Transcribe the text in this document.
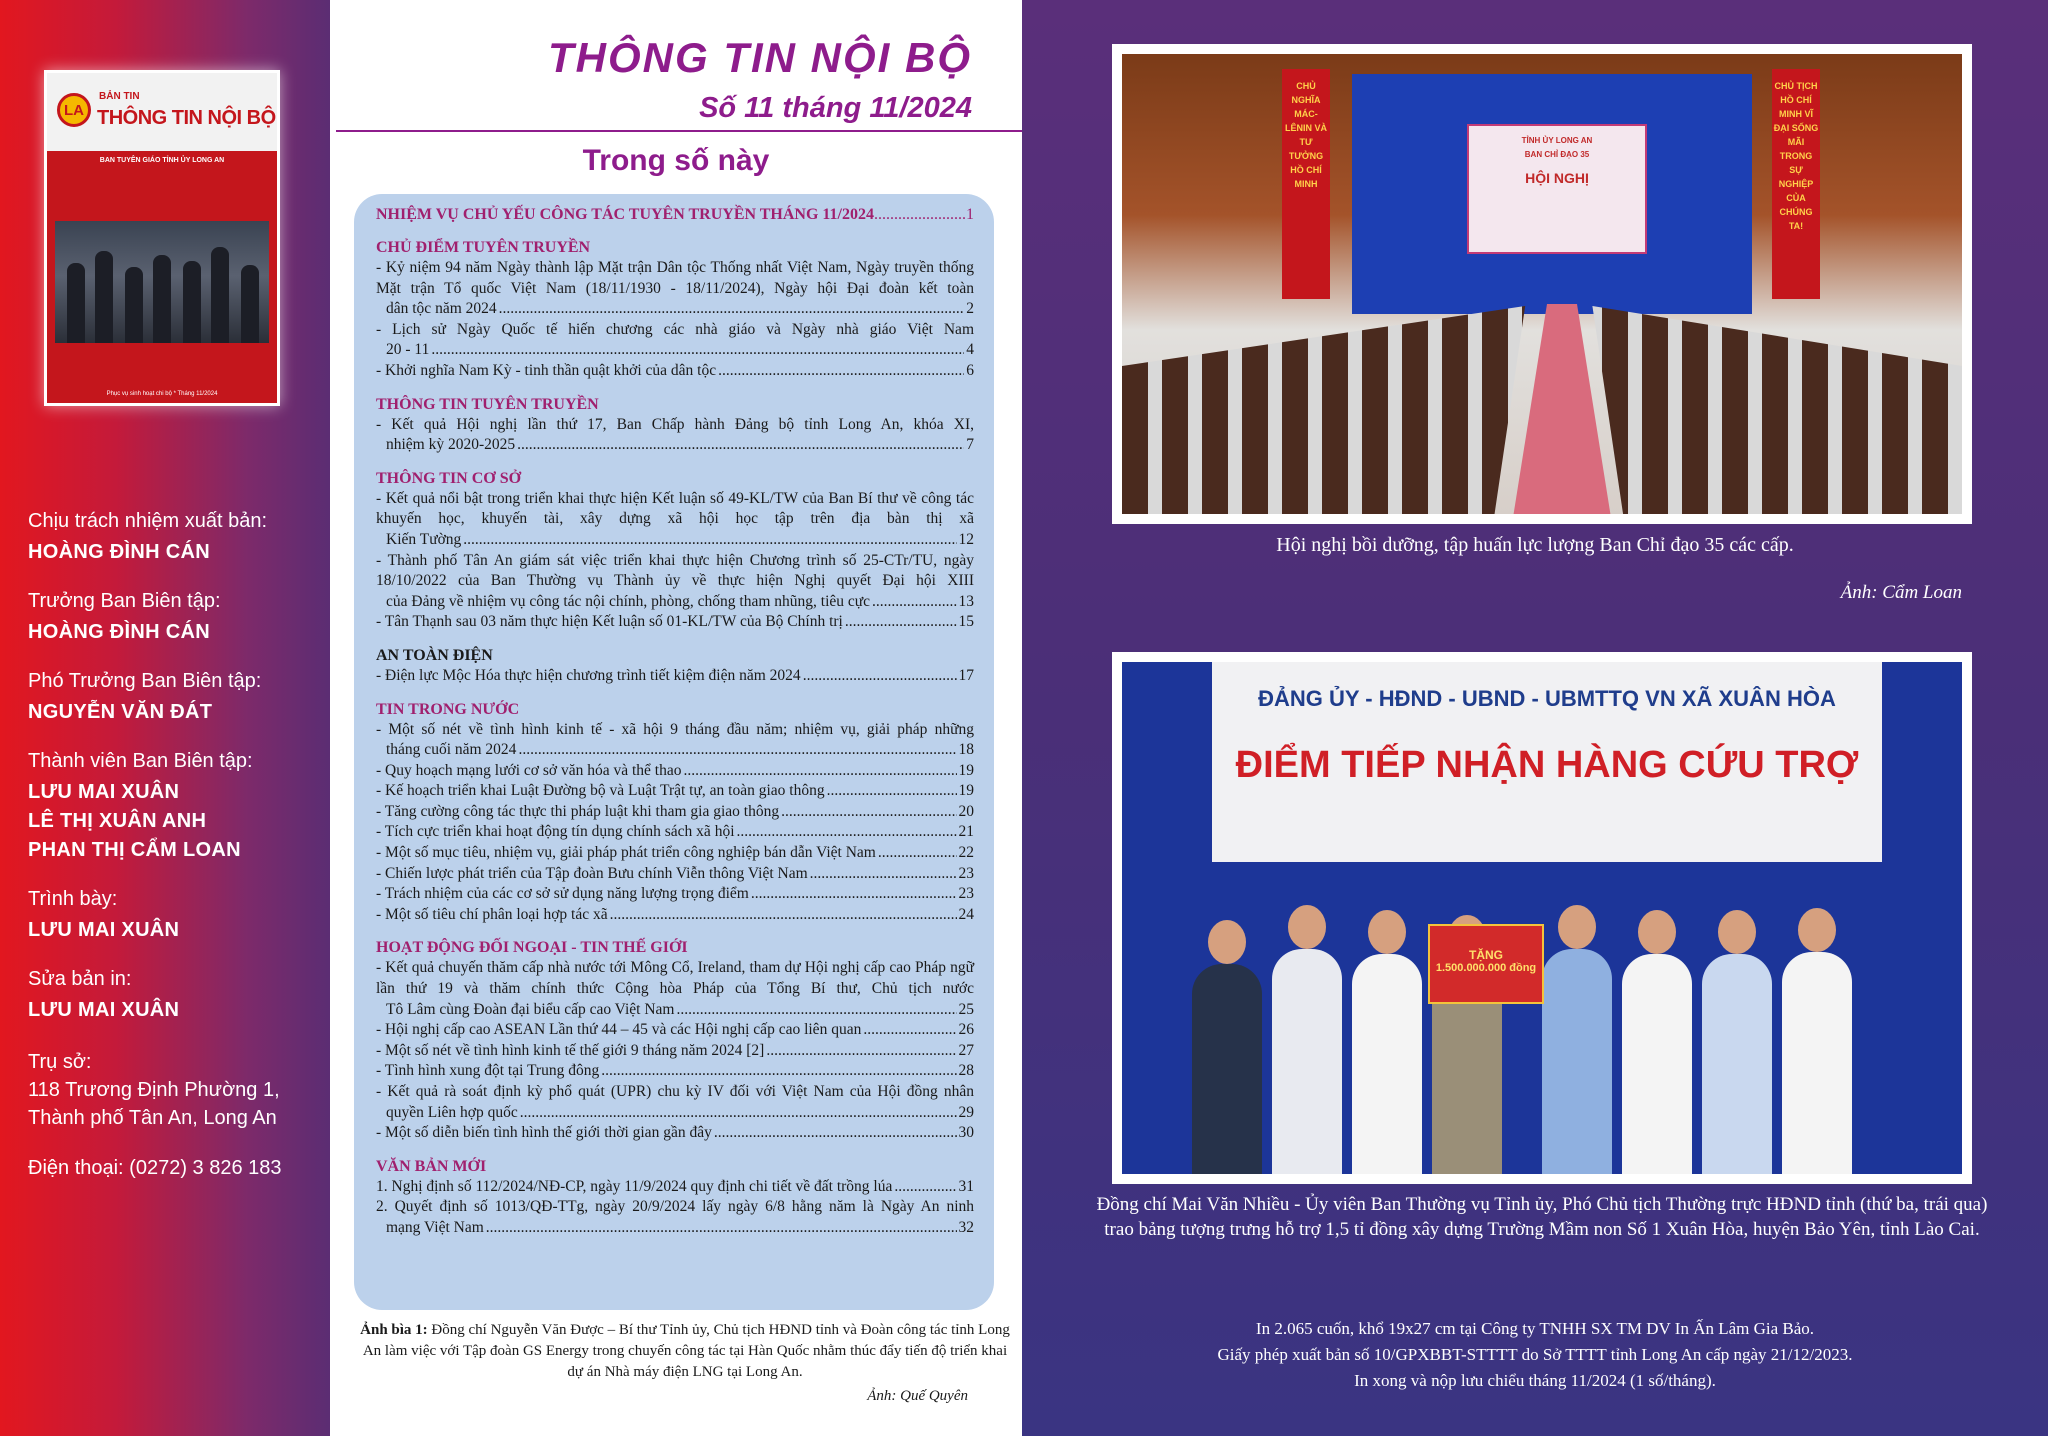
LA
BẢN TIN
THÔNG TIN NỘI BỘ
BAN TUYÊN GIÁO TỈNH ỦY LONG AN
Phục vụ sinh hoạt chi bộ * Tháng 11/2024
Chịu trách nhiệm xuất bản:
HOÀNG ĐÌNH CÁN
Trưởng Ban Biên tập:
HOÀNG ĐÌNH CÁN
Phó Trưởng Ban Biên tập:
NGUYỄN VĂN ĐÁT
Thành viên Ban Biên tập:
LƯU MAI XUÂN
LÊ THỊ XUÂN ANH
PHAN THỊ CẨM LOAN
Trình bày:
LƯU MAI XUÂN
Sửa bản in:
LƯU MAI XUÂN
Trụ sở:
118 Trương Định Phường 1,
Thành phố Tân An, Long An
Điện thoại: (0272) 3 826 183
THÔNG TIN NỘI BỘ
Số 11 tháng 11/2024
Trong số này
NHIỆM VỤ CHỦ YẾU CÔNG TÁC TUYÊN TRUYỀN THÁNG 11/2024 .....	1
CHỦ ĐIỂM TUYÊN TRUYỀN
- Kỷ niệm 94 năm Ngày thành lập Mặt trận Dân tộc Thống nhất Việt Nam, Ngày truyền thống Mặt trận Tổ quốc Việt Nam (18/11/1930 - 18/11/2024), Ngày hội Đại đoàn kết toàn
dân tộc năm 2024 .....	2
- Lịch sử Ngày Quốc tế hiến chương các nhà giáo và Ngày nhà giáo Việt Nam
20 - 11 .....	4
- Khởi nghĩa Nam Kỳ - tinh thần quật khởi của dân tộc .....	6
THÔNG TIN TUYÊN TRUYỀN
- Kết quả Hội nghị lần thứ 17, Ban Chấp hành Đảng bộ tỉnh Long An, khóa XI,
nhiệm kỳ 2020-2025 .....	7
THÔNG TIN CƠ SỞ
- Kết quả nổi bật trong triển khai thực hiện Kết luận số 49-KL/TW của Ban Bí thư về công tác khuyến học, khuyến tài, xây dựng xã hội học tập trên địa bàn thị xã
Kiến Tường .....	12
- Thành phố Tân An giám sát việc triển khai thực hiện Chương trình số 25-CTr/TU, ngày 18/10/2022 của Ban Thường vụ Thành ủy về thực hiện Nghị quyết Đại hội XIII
của Đảng về nhiệm vụ công tác nội chính, phòng, chống tham nhũng, tiêu cực .....	13
- Tân Thạnh sau 03 năm thực hiện Kết luận số 01-KL/TW của Bộ Chính trị .....	15
AN TOÀN ĐIỆN
- Điện lực Mộc Hóa thực hiện chương trình tiết kiệm điện năm 2024 .....	17
TIN TRONG NƯỚC
- Một số nét về tình hình kinh tế - xã hội 9 tháng đầu năm; nhiệm vụ, giải pháp những
tháng cuối năm 2024 .....	18
- Quy hoạch mạng lưới cơ sở văn hóa và thể thao .....	19
- Kế hoạch triển khai Luật Đường bộ và Luật Trật tự, an toàn giao thông .....	19
- Tăng cường công tác thực thi pháp luật khi tham gia giao thông .....	20
- Tích cực triển khai hoạt động tín dụng chính sách xã hội .....	21
- Một số mục tiêu, nhiệm vụ, giải pháp phát triển công nghiệp bán dẫn Việt Nam .....	22
- Chiến lược phát triển của Tập đoàn Bưu chính Viễn thông Việt Nam .....	23
- Trách nhiệm của các cơ sở sử dụng năng lượng trọng điểm .....	23
- Một số tiêu chí phân loại hợp tác xã .....	24
HOẠT ĐỘNG ĐỐI NGOẠI - TIN THẾ GIỚI
- Kết quả chuyến thăm cấp nhà nước tới Mông Cổ, Ireland, tham dự Hội nghị cấp cao Pháp ngữ lần thứ 19 và thăm chính thức Cộng hòa Pháp của Tổng Bí thư, Chủ tịch nước
Tô Lâm cùng Đoàn đại biểu cấp cao Việt Nam .....	25
- Hội nghị cấp cao ASEAN Lần thứ 44 – 45 và các Hội nghị cấp cao liên quan .....	26
- Một số nét về tình hình kinh tế thế giới 9 tháng năm 2024 [2] .....	27
- Tình hình xung đột tại Trung đông .....	28
- Kết quả rà soát định kỳ phổ quát (UPR) chu kỳ IV đối với Việt Nam của Hội đồng nhân
quyền Liên hợp quốc .....	29
- Một số diễn biến tình hình thế giới thời gian gần đây .....	30
VĂN BẢN MỚI
1. Nghị định số 112/2024/NĐ-CP, ngày 11/9/2024 quy định chi tiết về đất trồng lúa .....	31
2. Quyết định số 1013/QĐ-TTg, ngày 20/9/2024 lấy ngày 6/8 hằng năm là Ngày An ninh
mạng Việt Nam .....	32
Ảnh bìa 1: Đồng chí Nguyễn Văn Được – Bí thư Tỉnh ủy, Chủ tịch HĐND tỉnh và Đoàn công tác tỉnh Long An làm việc với Tập đoàn GS Energy trong chuyến công tác tại Hàn Quốc nhằm thúc đẩy tiến độ triển khai dự án Nhà máy điện LNG tại Long An.
Ảnh: Quế Quyên
CHỦ NGHĨA MÁC-LÊNIN VÀ TƯ TƯỞNG HỒ CHÍ MINH
CHỦ TỊCH HỒ CHÍ MINH VĨ ĐẠI SỐNG MÃI TRONG SỰ NGHIỆP CỦA CHÚNG TA!
TỈNH ỦY LONG AN
BAN CHỈ ĐẠO 35
HỘI NGHỊ
Hội nghị bồi dưỡng, tập huấn lực lượng Ban Chỉ đạo 35 các cấp.
Ảnh: Cẩm Loan
ĐẢNG ỦY - HĐND - UBND - UBMTTQ VN XÃ XUÂN HÒA
ĐIỂM TIẾP NHẬN HÀNG CỨU TRỢ
TẶNG
1.500.000.000 đồng
Đồng chí Mai Văn Nhiều - Ủy viên Ban Thường vụ Tỉnh ủy, Phó Chủ tịch Thường trực HĐND tỉnh (thứ ba, trái qua) trao bảng tượng trưng hỗ trợ 1,5 tỉ đồng xây dựng Trường Mầm non Số 1 Xuân Hòa, huyện Bảo Yên, tỉnh Lào Cai.
In 2.065 cuốn, khổ 19x27 cm tại Công ty TNHH SX TM DV In Ấn Lâm Gia Bảo.
Giấy phép xuất bản số 10/GPXBBT-STTTT do Sở TTTT tỉnh Long An cấp ngày 21/12/2023.
In xong và nộp lưu chiểu tháng 11/2024 (1 số/tháng).
